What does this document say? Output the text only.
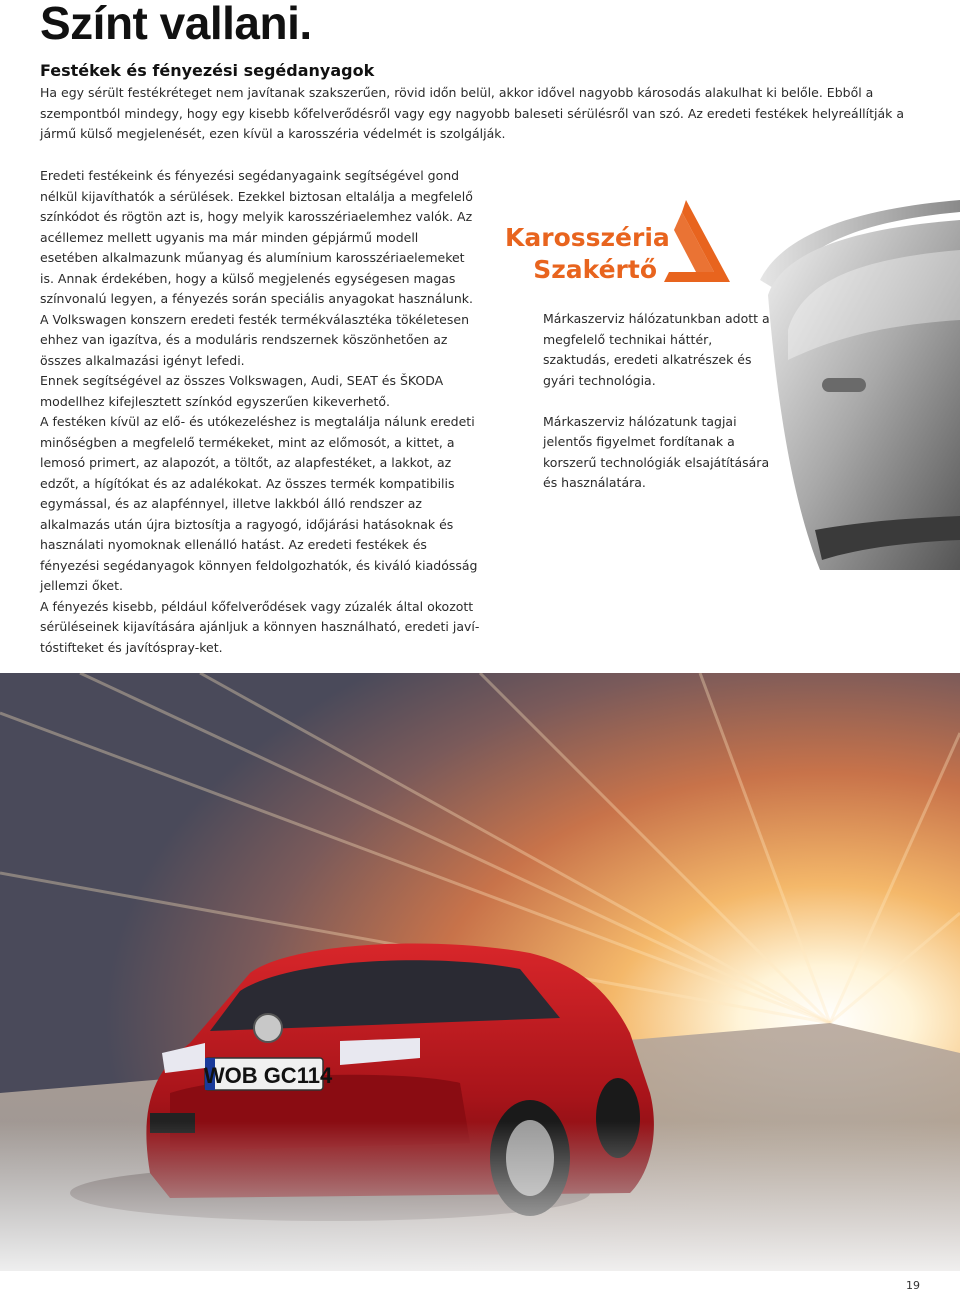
Színt vallani.
Festékek és fényezési segédanyagok

Ha egy sérült festékréteget nem javítanak szakszerűen, rövid időn belül, akkor idővel nagyobb károsodás alakulhat ki belőle. Ebből a szempontból mindegy, hogy egy kisebb kőfelverődésről vagy egy nagyobb baleseti sérülésről van szó. Az eredeti festékek helyreállítják a jármű külső megjelenését, ezen kívül a karosszéria védelmét is szolgálják.

Eredeti festékeink és fényezési segédanyagaink segítségével gond nélkül kijavíthatók a sérülések. Ezekkel biztosan eltalálja a megfelelő színkódot és rögtön azt is, hogy melyik karosszériaelemhez valók. Az acéllemez mellett ugyanis ma már minden gépjármű modell esetében alkalmazunk műanyag és alumínium karosszériaelemeket is. Annak érdekében, hogy a külső megjelenés egységesen magas színvonalú legyen, a fényezés során speciális anyagokat használunk.

A Volkswagen konszern eredeti festék termékválasztéka tökéletesen ehhez van igazítva, és a moduláris rendszernek köszönhetően az összes alkalmazási igényt lefedi.

Ennek segítségével az összes Volkswagen, Audi, SEAT és ŠKODA modellhez kifejlesztett színkód egyszerűen kikeverhető.

A festéken kívül az elő- és utókezeléshez is megtalálja nálunk eredeti minőségben a megfelelő termékeket, mint az előmosót, a kittet, a lemosó primert, az alapozót, a töltőt, az alapfestéket, a lakkot, az edzőt, a hígítókat és az adalékokat. Az összes termék kompatibilis egymással, és az alapfénnyel, illetve lakkból álló rendszer az alkalmazás után újra biztosítja a ragyogó, időjárási hatásoknak és használati nyomoknak ellenálló hatást. Az eredeti festékek és fényezési segédanyagok könnyen feldolgozhatók, és kiváló kiadósság jellemzi őket.

A fényezés kisebb, például kőfelverődések vagy zúzalék által okozott sérüléseinek kijavítására ajánljuk a könnyen használható, eredeti javítóstifteket és javítóspray-ket.

Karosszéria
Szakértő

Márkaszerviz hálózatunkban adott a megfelelő technikai háttér, szaktudás, eredeti alkatrészek és gyári technológia.

Márkaszerviz hálózatunk tagjai jelentős figyelmet fordítanak a korszerű technológiák elsajátítására és használatára.

19
